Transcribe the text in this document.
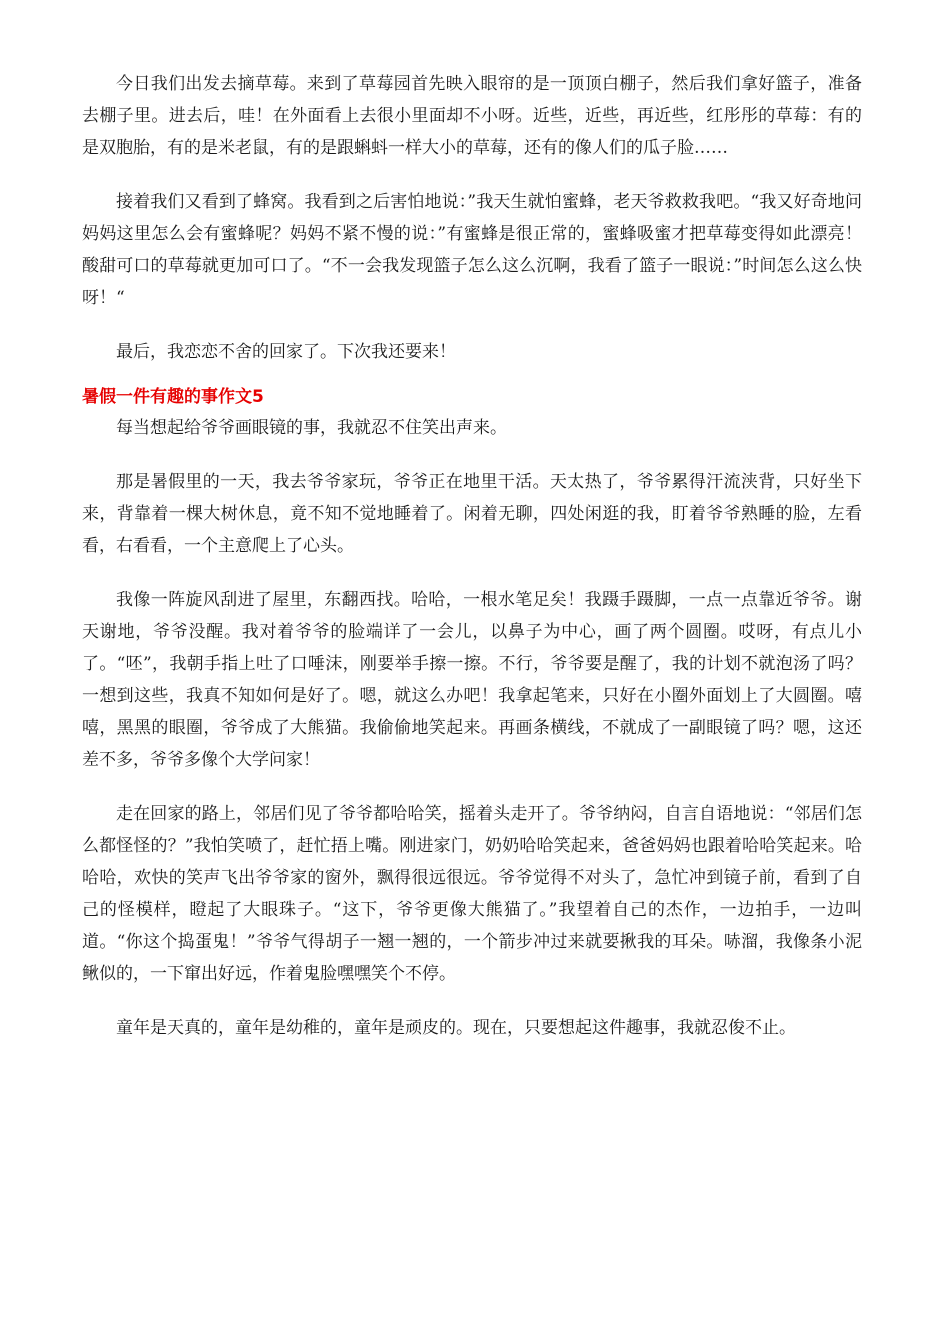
今日我们出发去摘草莓。来到了草莓园首先映入眼帘的是一顶顶白棚子，然后我们拿好篮子，准备去棚子里。进去后，哇！在外面看上去很小里面却不小呀。近些，近些，再近些，红彤彤的草莓：有的是双胞胎，有的是米老鼠，有的是跟蝌蚪一样大小的草莓，还有的像人们的瓜子脸……

接着我们又看到了蜂窝。我看到之后害怕地说：”我天生就怕蜜蜂，老天爷救救我吧。“我又好奇地问妈妈这里怎么会有蜜蜂呢？妈妈不紧不慢的说：”有蜜蜂是很正常的，蜜蜂吸蜜才把草莓变得如此漂亮！酸甜可口的草莓就更加可口了。“不一会我发现篮子怎么这么沉啊，我看了篮子一眼说：”时间怎么这么快呀！“

最后，我恋恋不舍的回家了。下次我还要来！

暑假一件有趣的事作文5

每当想起给爷爷画眼镜的事，我就忍不住笑出声来。

那是暑假里的一天，我去爷爷家玩，爷爷正在地里干活。天太热了，爷爷累得汗流浃背，只好坐下来，背靠着一棵大树休息，竟不知不觉地睡着了。闲着无聊，四处闲逛的我，盯着爷爷熟睡的脸，左看看，右看看，一个主意爬上了心头。

我像一阵旋风刮进了屋里，东翻西找。哈哈，一根水笔足矣！我蹑手蹑脚，一点一点靠近爷爷。谢天谢地，爷爷没醒。我对着爷爷的脸端详了一会儿，以鼻子为中心，画了两个圆圈。哎呀，有点儿小了。“呸”，我朝手指上吐了口唾沫，刚要举手擦一擦。不行，爷爷要是醒了，我的计划不就泡汤了吗？一想到这些，我真不知如何是好了。嗯，就这么办吧！我拿起笔来，只好在小圈外面划上了大圆圈。嘻嘻，黑黑的眼圈，爷爷成了大熊猫。我偷偷地笑起来。再画条横线，不就成了一副眼镜了吗？嗯，这还差不多，爷爷多像个大学问家！

走在回家的路上，邻居们见了爷爷都哈哈笑，摇着头走开了。爷爷纳闷，自言自语地说：“邻居们怎么都怪怪的？”我怕笑喷了，赶忙捂上嘴。刚进家门，奶奶哈哈笑起来，爸爸妈妈也跟着哈哈笑起来。哈哈哈，欢快的笑声飞出爷爷家的窗外，飘得很远很远。爷爷觉得不对头了，急忙冲到镜子前，看到了自己的怪模样，瞪起了大眼珠子。“这下，爷爷更像大熊猫了。”我望着自己的杰作，一边拍手，一边叫道。“你这个捣蛋鬼！”爷爷气得胡子一翘一翘的，一个箭步冲过来就要揪我的耳朵。哧溜，我像条小泥鳅似的，一下窜出好远，作着鬼脸嘿嘿笑个不停。

童年是天真的，童年是幼稚的，童年是顽皮的。现在，只要想起这件趣事，我就忍俊不止。
